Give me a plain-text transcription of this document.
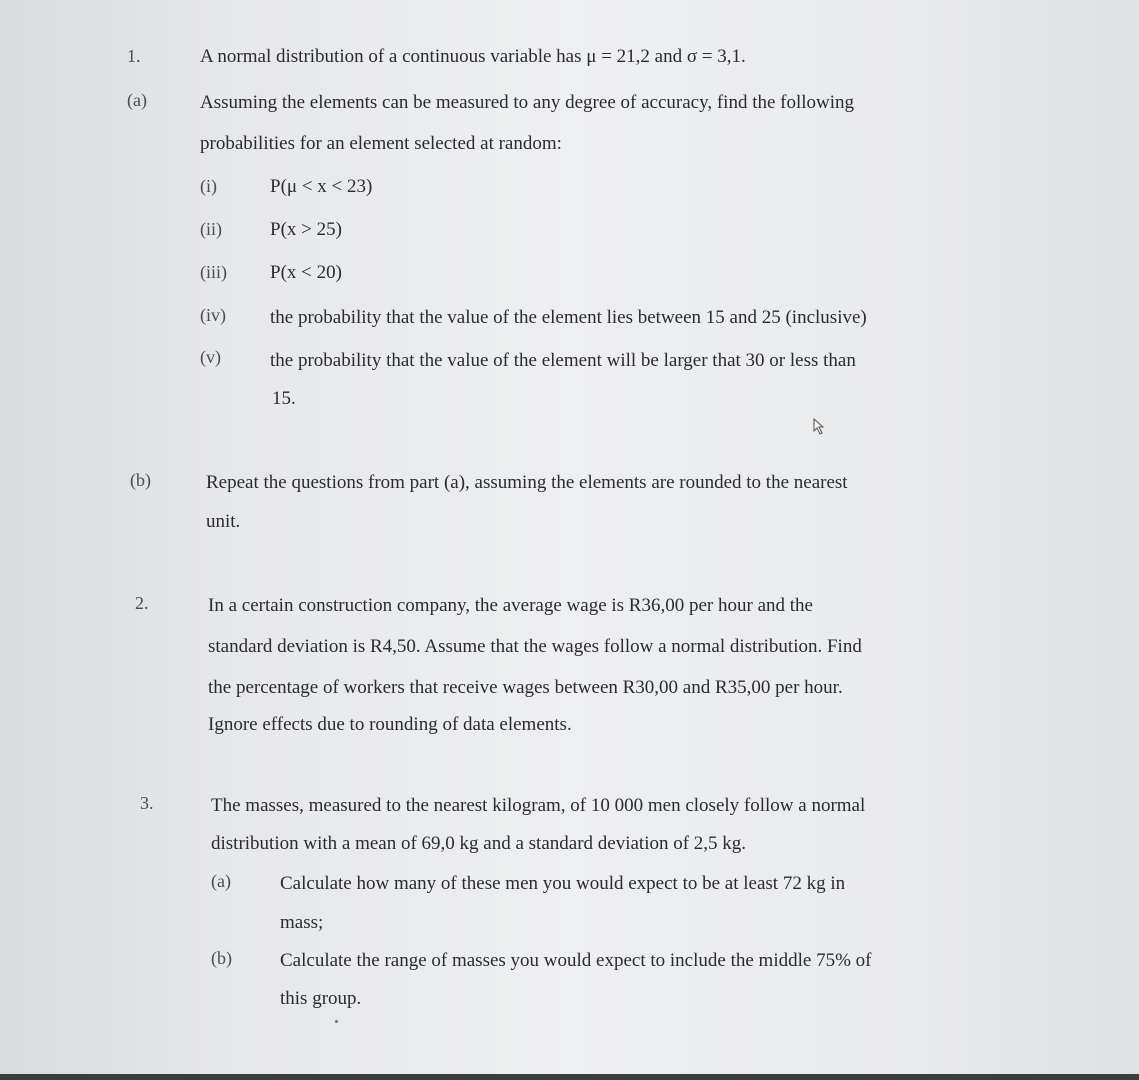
1.	A normal distribution of a continuous variable has μ = 21,2 and σ = 3,1.
(a)	Assuming the elements can be measured to any degree of accuracy, find the following
probabilities for an element selected at random:
(i)	P(μ < x < 23)
(ii)	P(x > 25)
(iii) P(x < 20)
(iv) the probability that the value of the element lies between 15 and 25 (inclusive)
(v)	the probability that the value of the element will be larger that 30 or less than
15.
(b)	Repeat the questions from part (a), assuming the elements are rounded to the nearest
unit.
2.	In a certain construction company, the average wage is R36,00 per hour and the
standard deviation is R4,50. Assume that the wages follow a normal distribution. Find
the percentage of workers that receive wages between R30,00 and R35,00 per hour.
Ignore effects due to rounding of data elements.
3.	The masses, measured to the nearest kilogram, of 10 000 men closely follow a normal
distribution with a mean of 69,0 kg and a standard deviation of 2,5 kg.
(a)	Calculate how many of these men you would expect to be at least 72 kg in
mass;
(b)	Calculate the range of masses you would expect to include the middle 75% of
this group.
